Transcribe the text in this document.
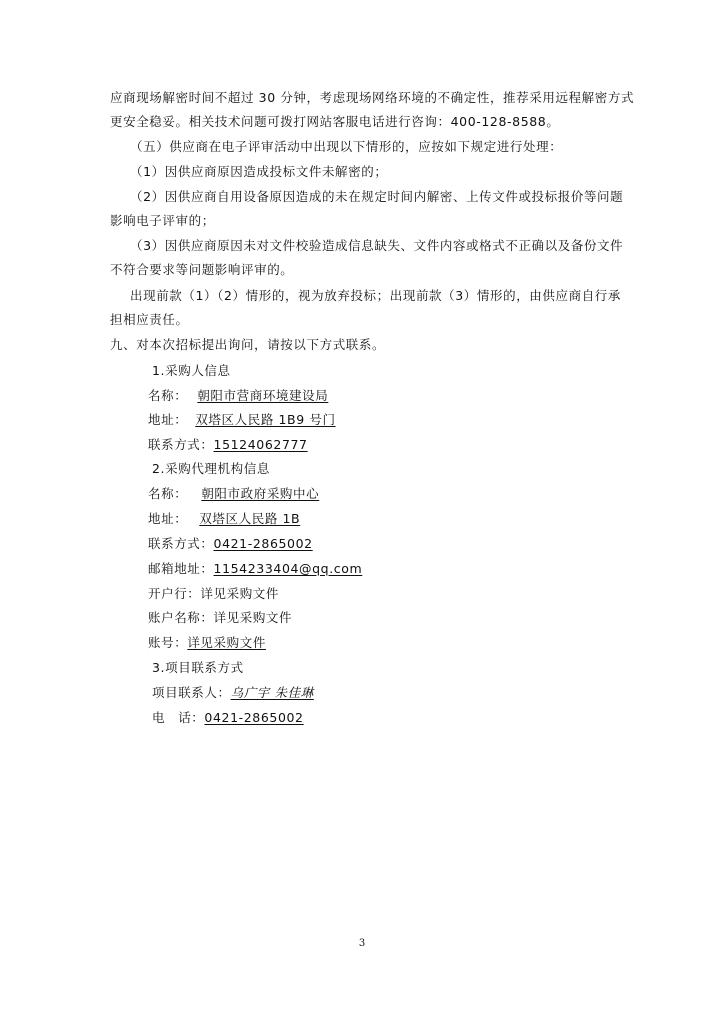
应商现场解密时间不超过 30 分钟，考虑现场网络环境的不确定性，推荐采用远程解密方式
更安全稳妥。相关技术问题可拨打网站客服电话进行咨询：400-128-8588。
（五）供应商在电子评审活动中出现以下情形的，应按如下规定进行处理：
（1）因供应商原因造成投标文件未解密的；
（2）因供应商自用设备原因造成的未在规定时间内解密、上传文件或投标报价等问题
影响电子评审的；
（3）因供应商原因未对文件校验造成信息缺失、文件内容或格式不正确以及备份文件
不符合要求等问题影响评审的。
出现前款（1）（2）情形的，视为放弃投标；出现前款（3）情形的，由供应商自行承
担相应责任。
九、对本次招标提出询问，请按以下方式联系。
1.采购人信息
名称： 朝阳市营商环境建设局
地址： 双塔区人民路 1B9 号门
联系方式：15124062777
2.采购代理机构信息
名称： 朝阳市政府采购中心
地址： 双塔区人民路 1B
联系方式：0421-2865002
邮箱地址：1154233404@qq.com
开户行：详见采购文件
账户名称：详见采购文件
账号：详见采购文件
3.项目联系方式
项目联系人：乌广宇 朱佳琳
电　话：0421-2865002
3
